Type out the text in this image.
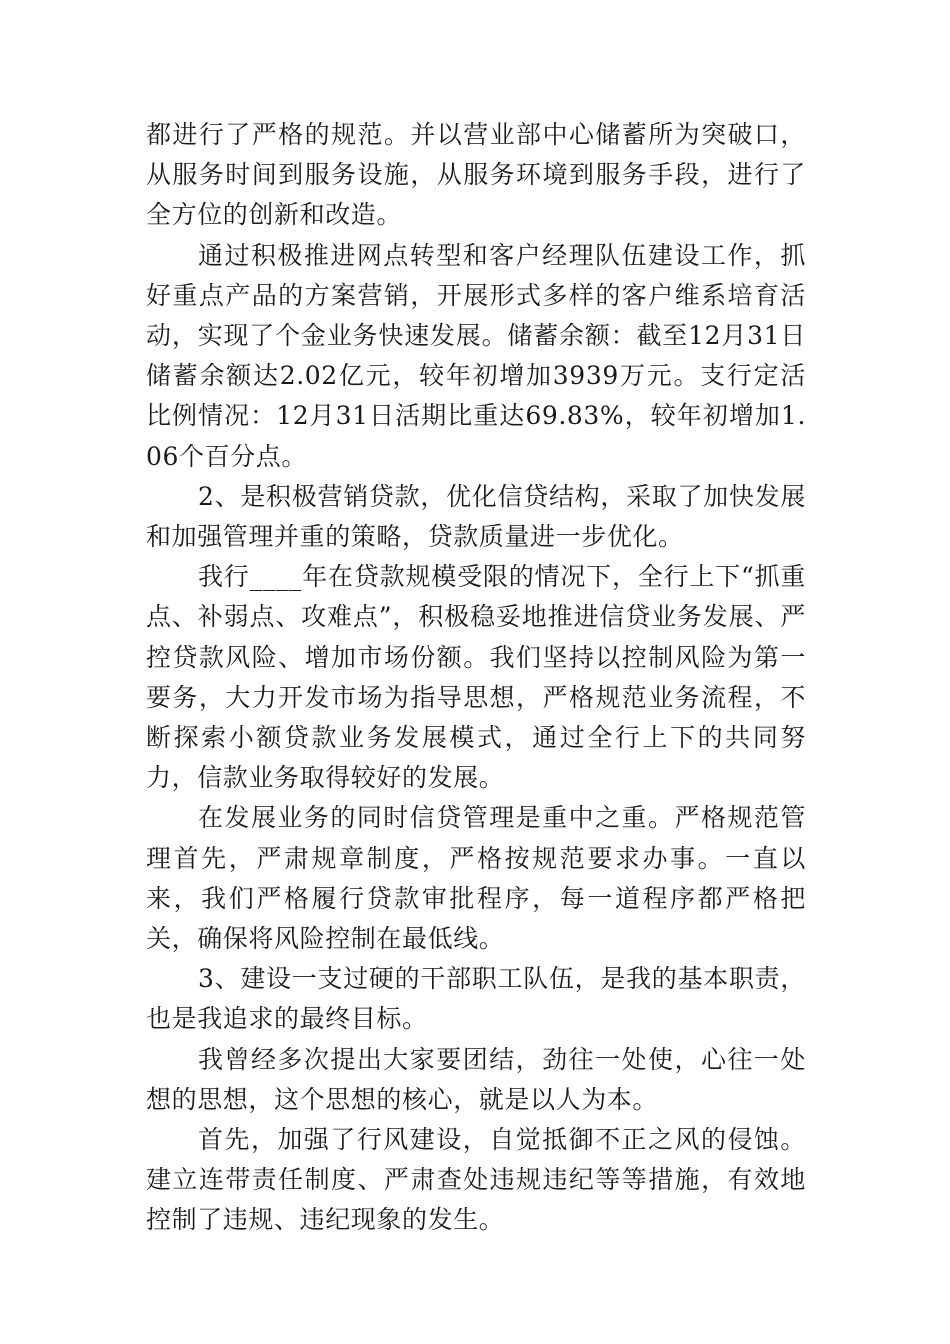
都进行了严格的规范。并以营业部中心储蓄所为突破口，从服务时间到服务设施，从服务环境到服务手段，进行了全方位的创新和改造。

通过积极推进网点转型和客户经理队伍建设工作，抓好重点产品的方案营销，开展形式多样的客户维系培育活动，实现了个金业务快速发展。储蓄余额：截至12月31日储蓄余额达2.02亿元，较年初增加3939万元。支行定活比例情况：12月31日活期比重达69.83%，较年初增加1.06个百分点。

2、是积极营销贷款，优化信贷结构，采取了加快发展和加强管理并重的策略，贷款质量进一步优化。

我行____年在贷款规模受限的情况下，全行上下“抓重点、补弱点、攻难点”，积极稳妥地推进信贷业务发展、严控贷款风险、增加市场份额。我们坚持以控制风险为第一要务，大力开发市场为指导思想，严格规范业务流程，不断探索小额贷款业务发展模式，通过全行上下的共同努力，信款业务取得较好的发展。

在发展业务的同时信贷管理是重中之重。严格规范管理首先，严肃规章制度，严格按规范要求办事。一直以来，我们严格履行贷款审批程序，每一道程序都严格把关，确保将风险控制在最低线。

3、建设一支过硬的干部职工队伍，是我的基本职责，也是我追求的最终目标。

我曾经多次提出大家要团结，劲往一处使，心往一处想的思想，这个思想的核心，就是以人为本。

首先，加强了行风建设，自觉抵御不正之风的侵蚀。建立连带责任制度、严肃查处违规违纪等等措施，有效地控制了违规、违纪现象的发生。
